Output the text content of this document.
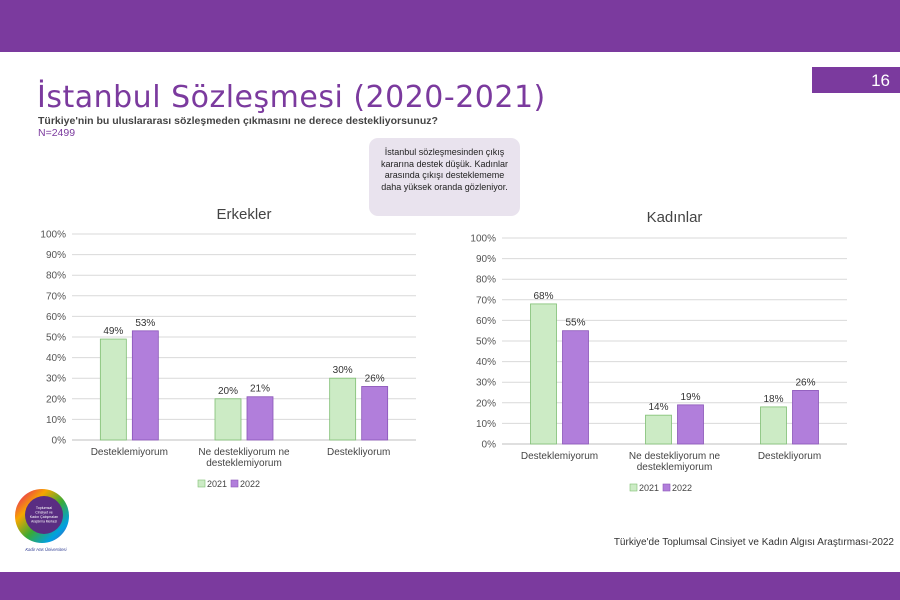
16
İstanbul Sözleşmesi (2020-2021)
Türkiye'nin bu uluslararası sözleşmeden çıkmasını ne derece destekliyorsunuz?
N=2499
İstanbul sözleşmesinden çıkış kararına destek düşük. Kadınlar arasında çıkışı desteklememe daha yüksek oranda gözleniyor.
Erkekler
0%
10%
20%
30%
40%
50%
60%
70%
80%
90%
100%
49%
53%
Desteklemiyorum
20% 21%
Ne destekliyorum ne desteklemiyorum
30%
26%
Destekliyorum
2021 2022
Kadınlar
0%
10%
20%
30%
40%
50%
60%
70%
80%
90%
100%
68%
55%
Desteklemiyorum
14%
19%
Ne destekliyorum ne desteklemiyorum
18%
26%
Destekliyorum
2021 2022
Toplumsal
Cinsiyet ve
Kadın Çalışmaları
Araştırma Merkezi
Kadir Has Üniversitesi
Türkiye'de Toplumsal Cinsiyet ve Kadın Algısı Araştırması-2022
